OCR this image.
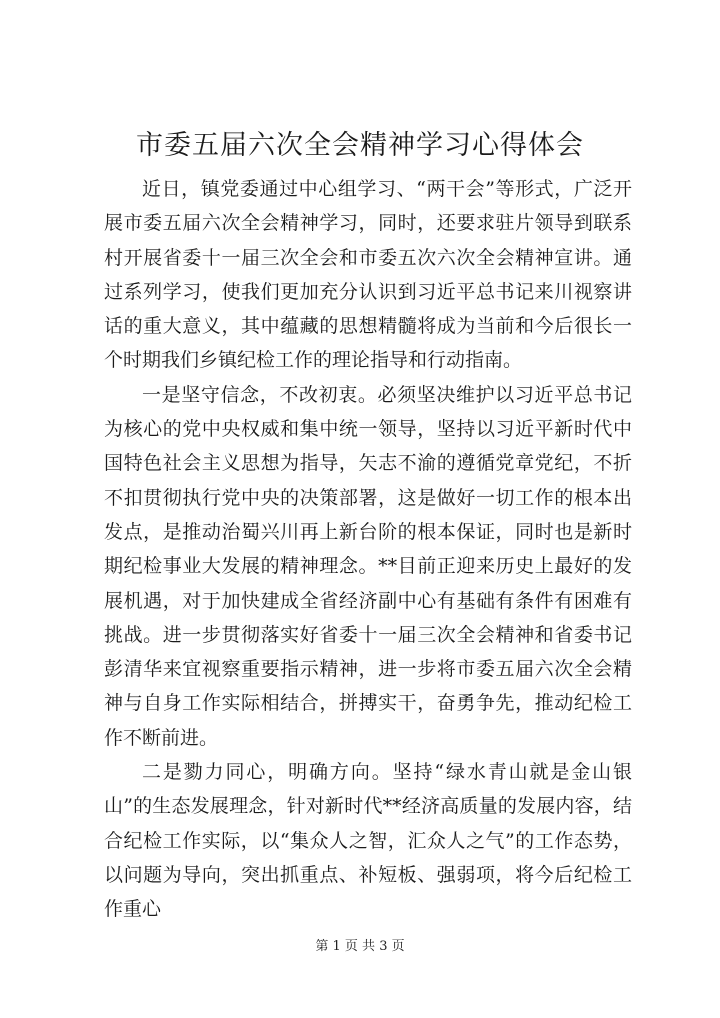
市委五届六次全会精神学习心得体会

近日，镇党委通过中心组学习、“两干会”等形式，广泛开展市委五届六次全会精神学习，同时，还要求驻片领导到联系村开展省委十一届三次全会和市委五次六次全会精神宣讲。通过系列学习，使我们更加充分认识到习近平总书记来川视察讲话的重大意义，其中蕴藏的思想精髓将成为当前和今后很长一个时期我们乡镇纪检工作的理论指导和行动指南。

一是坚守信念，不改初衷。必须坚决维护以习近平总书记为核心的党中央权威和集中统一领导，坚持以习近平新时代中国特色社会主义思想为指导，矢志不渝的遵循党章党纪，不折不扣贯彻执行党中央的决策部署，这是做好一切工作的根本出发点，是推动治蜀兴川再上新台阶的根本保证，同时也是新时期纪检事业大发展的精神理念。**目前正迎来历史上最好的发展机遇，对于加快建成全省经济副中心有基础有条件有困难有挑战。进一步贯彻落实好省委十一届三次全会精神和省委书记彭清华来宜视察重要指示精神，进一步将市委五届六次全会精神与自身工作实际相结合，拼搏实干，奋勇争先，推动纪检工作不断前进。

二是勠力同心，明确方向。坚持“绿水青山就是金山银山”的生态发展理念，针对新时代**经济高质量的发展内容，结合纪检工作实际，以“集众人之智，汇众人之气”的工作态势，以问题为导向，突出抓重点、补短板、强弱项，将今后纪检工作重心

第 1 页 共 3 页
